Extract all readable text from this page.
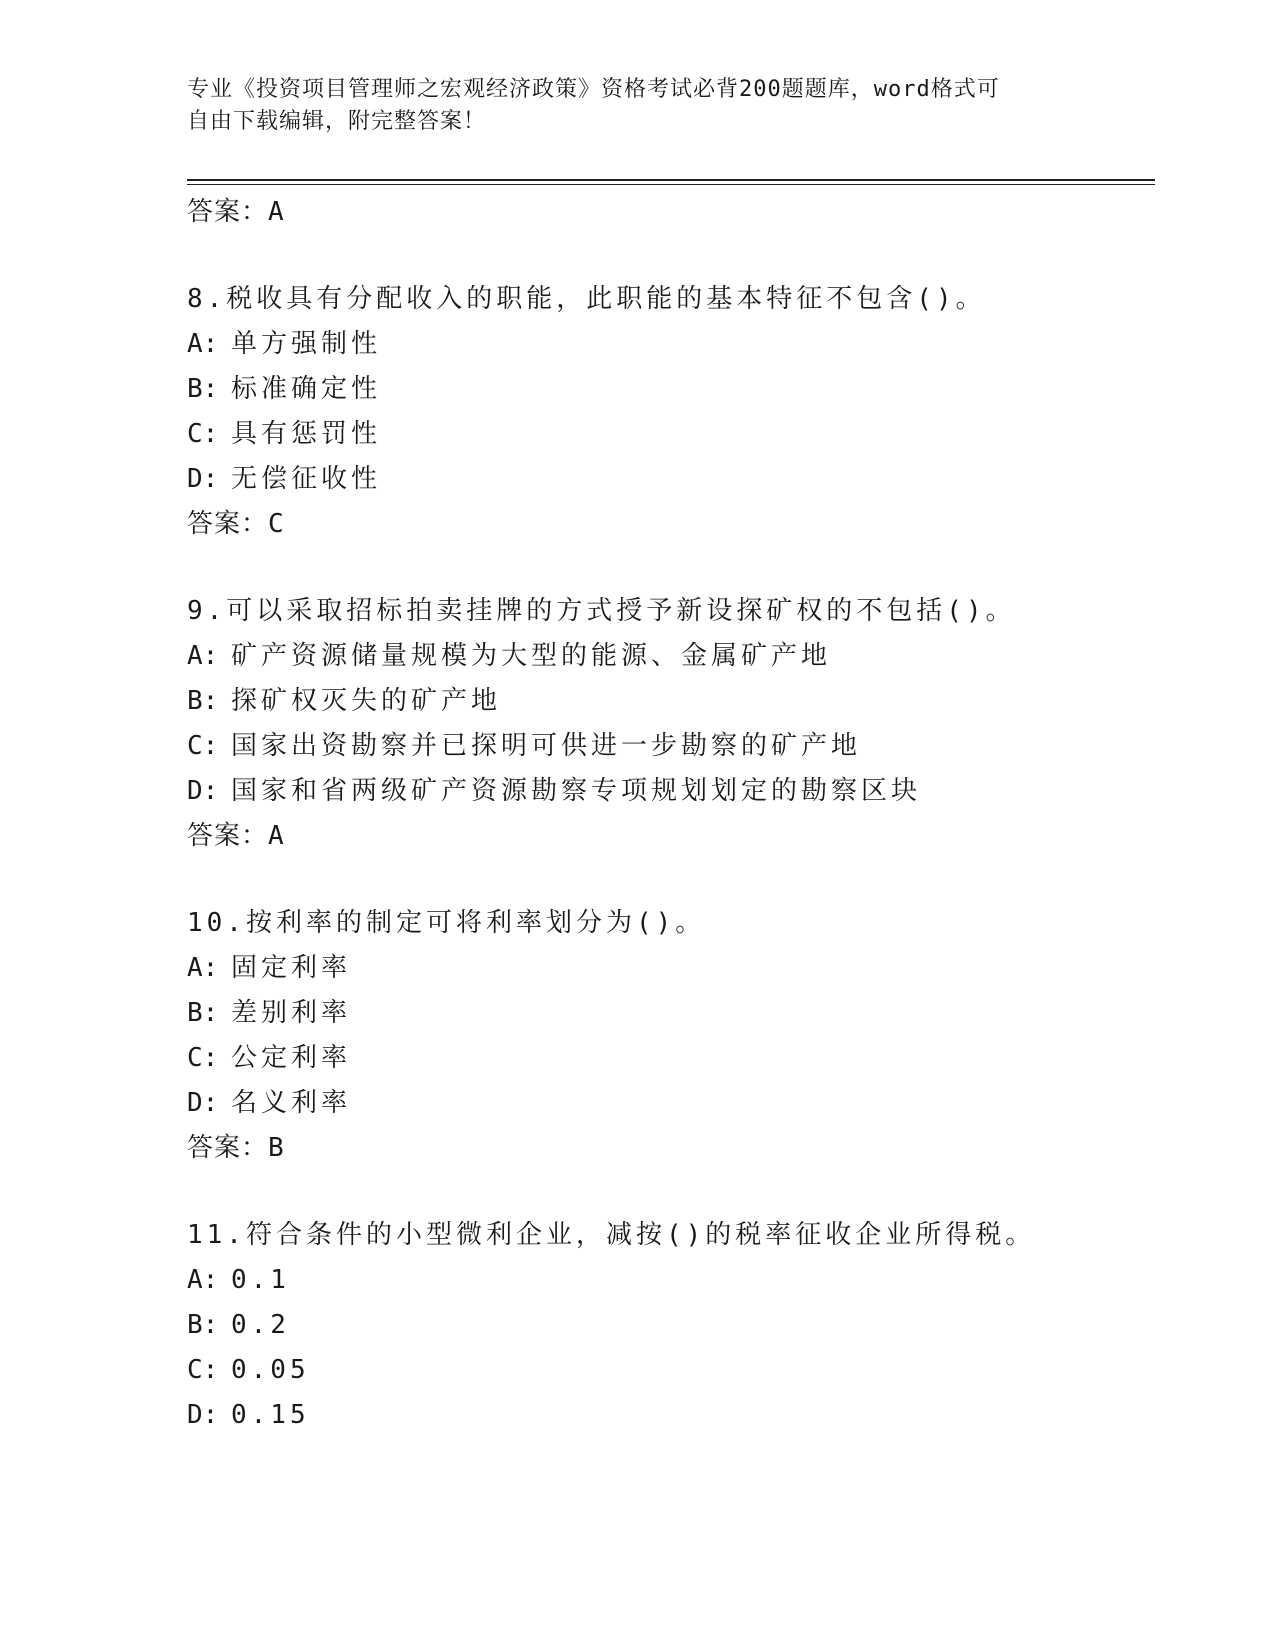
专业《投资项目管理师之宏观经济政策》资格考试必背200题题库，word格式可
自由下载编辑，附完整答案！
答案：A
8.税收具有分配收入的职能，此职能的基本特征不包含()。
A: 单方强制性
B: 标准确定性
C: 具有惩罚性
D: 无偿征收性
答案：C
9.可以采取招标拍卖挂牌的方式授予新设探矿权的不包括()。
A: 矿产资源储量规模为大型的能源、金属矿产地
B: 探矿权灭失的矿产地
C: 国家出资勘察并已探明可供进一步勘察的矿产地
D: 国家和省两级矿产资源勘察专项规划划定的勘察区块
答案：A
10.按利率的制定可将利率划分为()。
A: 固定利率
B: 差别利率
C: 公定利率
D: 名义利率
答案：B
11.符合条件的小型微利企业，减按()的税率征收企业所得税。
A: 0.1
B: 0.2
C: 0.05
D: 0.15
